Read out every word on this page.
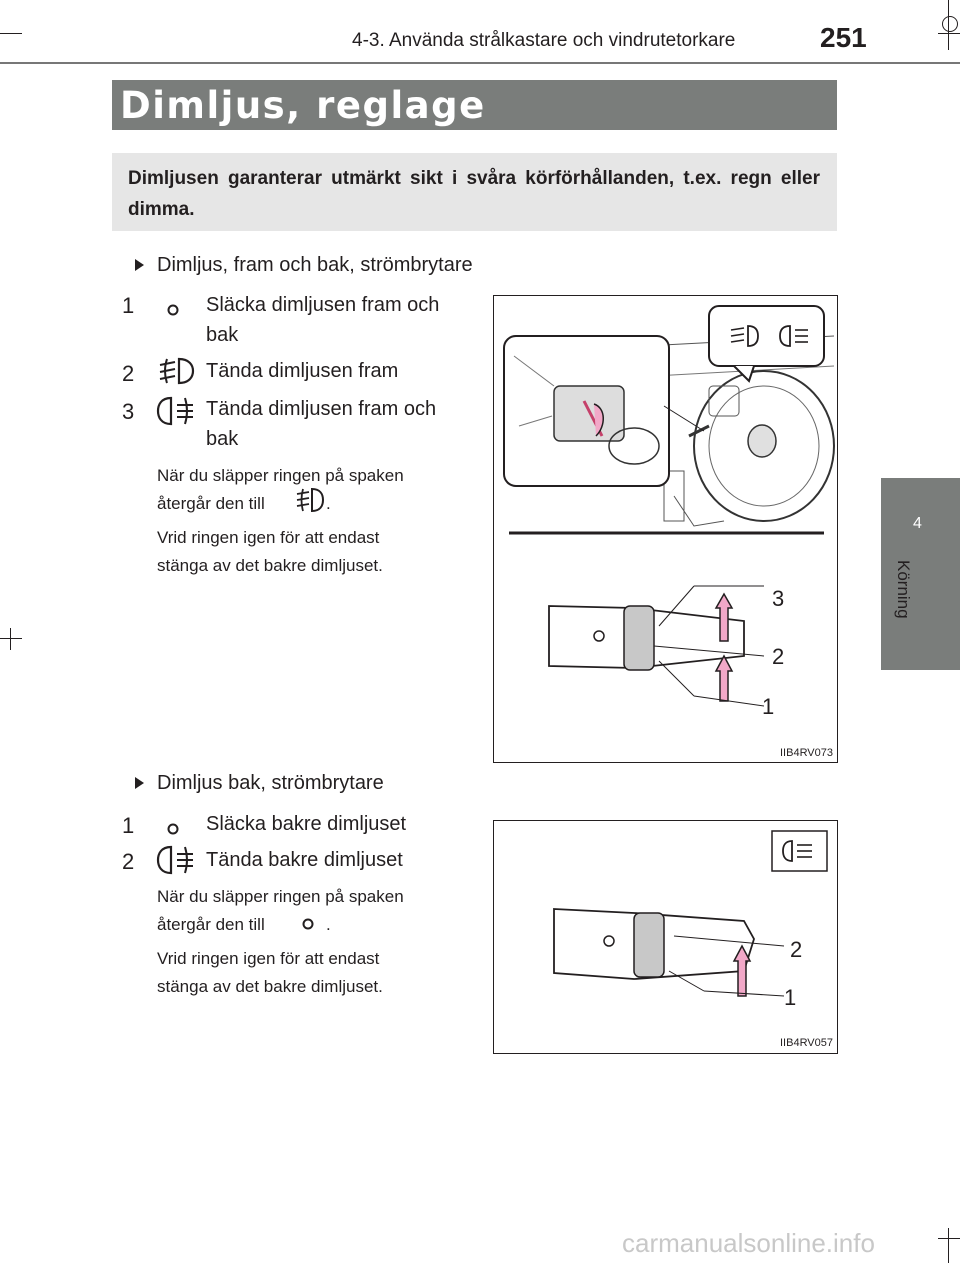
4-3. Använda strålkastare och vindrutetorkare	251
Dimljus, reglage
Dimljusen garanterar utmärkt sikt i svåra körförhållanden, t.ex. regn eller dimma.
4
Körning
Dimljus, fram och bak, strömbrytare
1	Släcka dimljusen fram och
bak
2	Tända dimljusen fram
3	Tända dimljusen fram och
bak
När du släpper ringen på spaken
återgår den till	.
Vrid ringen igen för att endast
stänga av det bakre dimljuset.
3
2
1
IIB4RV073
Dimljus bak, strömbrytare
1	Släcka bakre dimljuset
2	Tända bakre dimljuset
När du släpper ringen på spaken
återgår den till	.
Vrid ringen igen för att endast
stänga av det bakre dimljuset.
2
1
IIB4RV057
carmanualsonline.info
